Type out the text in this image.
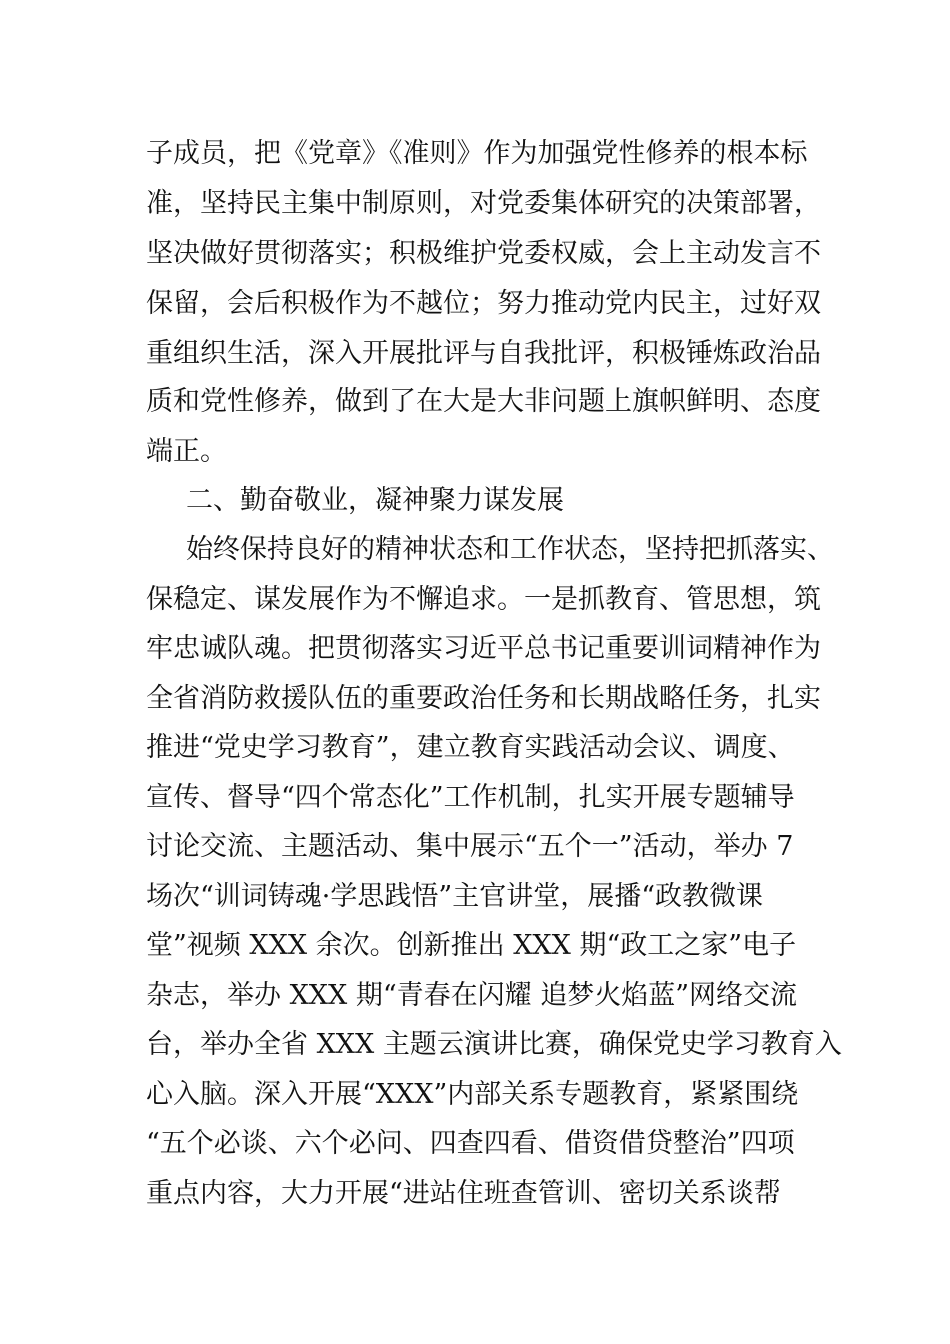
子成员，把《党章》《准则》作为加强党性修养的根本标
准，坚持民主集中制原则，对党委集体研究的决策部署，
坚决做好贯彻落实；积极维护党委权威，会上主动发言不
保留，会后积极作为不越位；努力推动党内民主，过好双
重组织生活，深入开展批评与自我批评，积极锤炼政治品
质和党性修养，做到了在大是大非问题上旗帜鲜明、态度
端正。
二、勤奋敬业，凝神聚力谋发展
始终保持良好的精神状态和工作状态，坚持把抓落实、
保稳定、谋发展作为不懈追求。一是抓教育、管思想，筑
牢忠诚队魂。把贯彻落实习近平总书记重要训词精神作为
全省消防救援队伍的重要政治任务和长期战略任务，扎实
推进“党史学习教育”，建立教育实践活动会议、调度、
宣传、督导“四个常态化”工作机制，扎实开展专题辅导
讨论交流、主题活动、集中展示“五个一”活动，举办 7
场次“训词铸魂·学思践悟”主官讲堂，展播“政教微课
堂”视频 XXX 余次。创新推出 XXX 期“政工之家”电子
杂志，举办 XXX 期“青春在闪耀 追梦火焰蓝”网络交流
台，举办全省 XXX 主题云演讲比赛，确保党史学习教育入
心入脑。深入开展“XXX”内部关系专题教育，紧紧围绕
“五个必谈、六个必问、四查四看、借资借贷整治”四项
重点内容，大力开展“进站住班查管训、密切关系谈帮
